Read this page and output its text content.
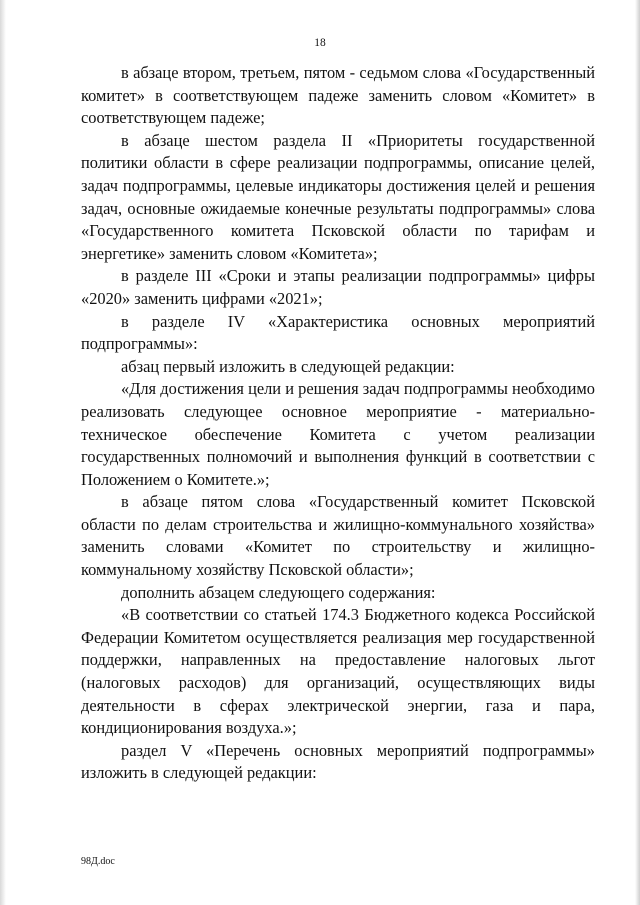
18

в абзаце втором, третьем, пятом - седьмом слова «Государственный комитет» в соответствующем падеже заменить словом «Комитет» в соответствующем падеже;

в абзаце шестом раздела II «Приоритеты государственной политики области в сфере реализации подпрограммы, описание целей, задач подпрограммы, целевые индикаторы достижения целей и решения задач, основные ожидаемые конечные результаты подпрограммы» слова «Государственного комитета Псковской области по тарифам и энергетике» заменить словом «Комитета»;

в разделе III «Сроки и этапы реализации подпрограммы» цифры «2020» заменить цифрами «2021»;

в разделе IV «Характеристика основных мероприятий подпрограммы»:

абзац первый изложить в следующей редакции:

«Для достижения цели и решения задач подпрограммы необходимо реализовать следующее основное мероприятие - материально-техническое обеспечение Комитета с учетом реализации государственных полномочий и выполнения функций в соответствии с Положением о Комитете.»;

в абзаце пятом слова «Государственный комитет Псковской области по делам строительства и жилищно-коммунального хозяйства» заменить словами «Комитет по строительству и жилищно-коммунальному хозяйству Псковской области»;

дополнить абзацем следующего содержания:

«В соответствии со статьей 174.3 Бюджетного кодекса Российской Федерации Комитетом осуществляется реализация мер государственной поддержки, направленных на предоставление налоговых льгот (налоговых расходов) для организаций, осуществляющих виды деятельности в сферах электрической энергии, газа и пара, кондиционирования воздуха.»;

раздел V «Перечень основных мероприятий подпрограммы» изложить в следующей редакции:

98Д.doc
